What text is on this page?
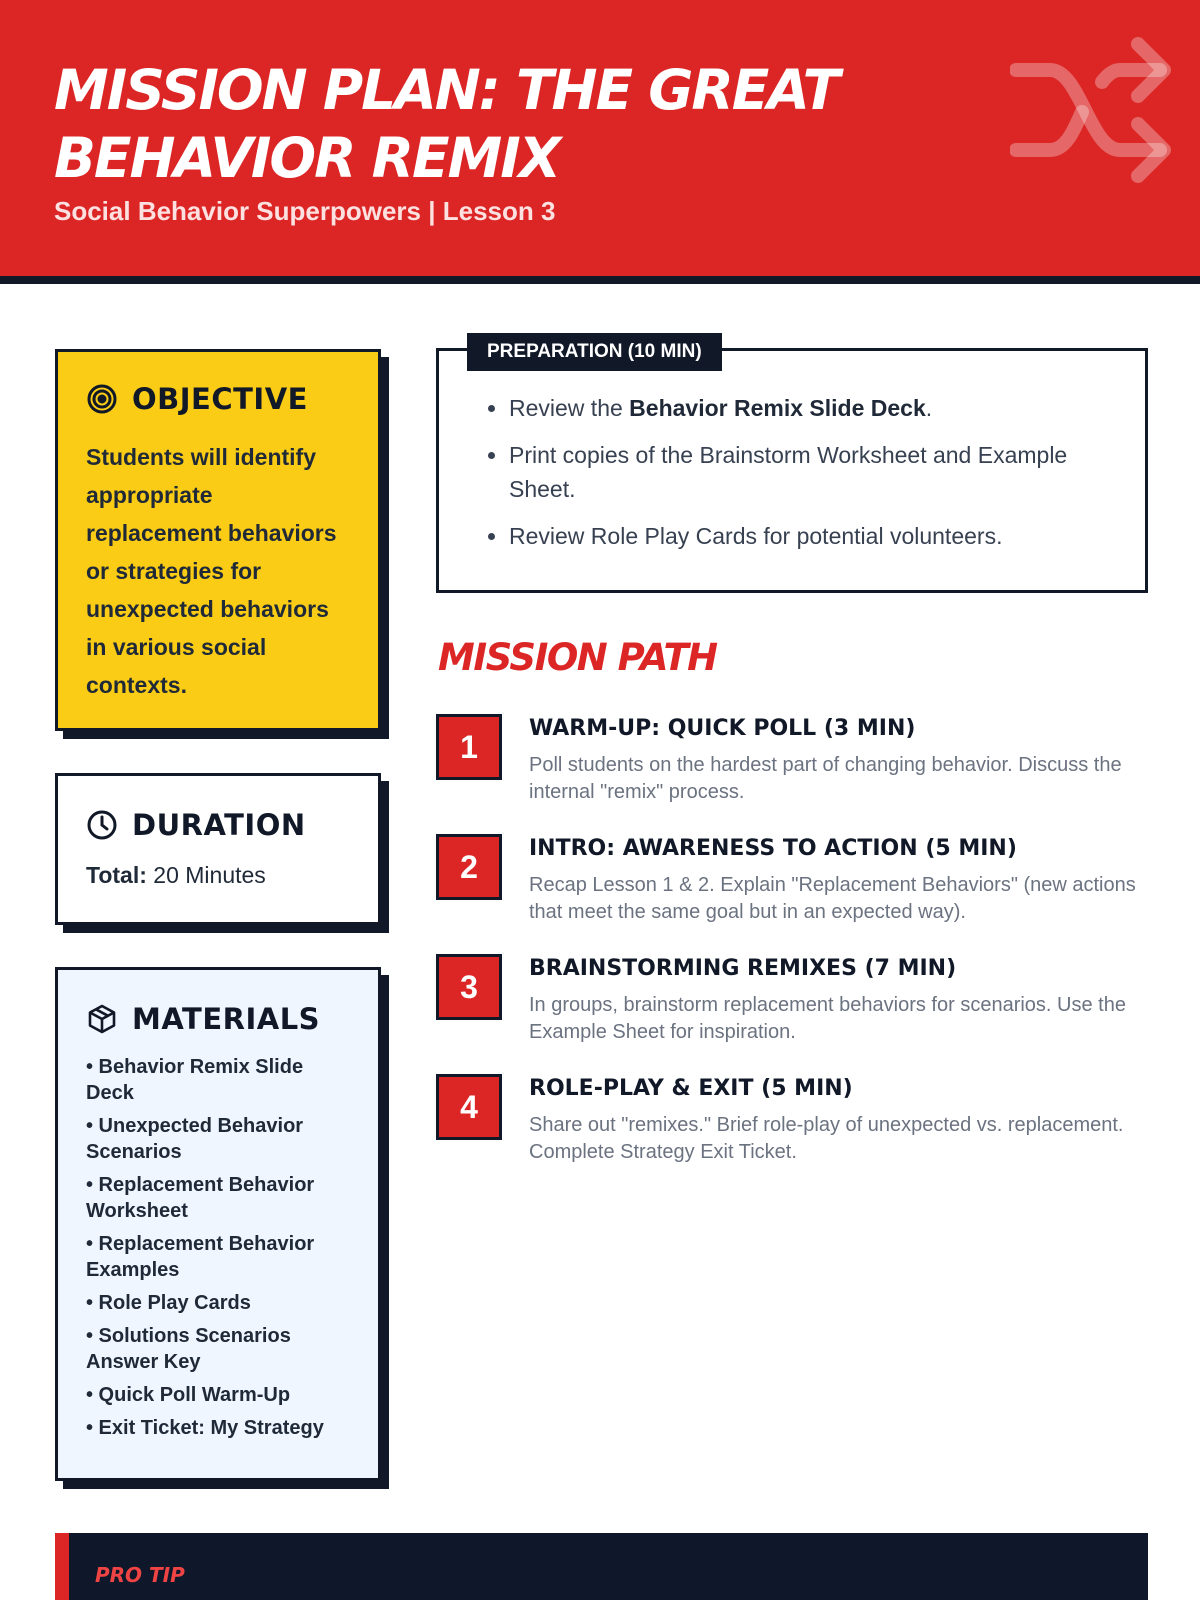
MISSION PLAN: THE GREAT BEHAVIOR REMIX
Social Behavior Superpowers | Lesson 3
OBJECTIVE
Students will identify appropriate replacement behaviors or strategies for unexpected behaviors in various social contexts.
DURATION
Total: 20 Minutes
MATERIALS
• Behavior Remix Slide Deck
• Unexpected Behavior Scenarios
• Replacement Behavior Worksheet
• Replacement Behavior Examples
• Role Play Cards
• Solutions Scenarios Answer Key
• Quick Poll Warm-Up
• Exit Ticket: My Strategy
PREPARATION (10 MIN)
• Review the Behavior Remix Slide Deck.
• Print copies of the Brainstorm Worksheet and Example Sheet.
• Review Role Play Cards for potential volunteers.
MISSION PATH
1
WARM-UP: QUICK POLL (3 MIN)
Poll students on the hardest part of changing behavior. Discuss the internal "remix" process.
2
INTRO: AWARENESS TO ACTION (5 MIN)
Recap Lesson 1 & 2. Explain "Replacement Behaviors" (new actions that meet the same goal but in an expected way).
3
BRAINSTORMING REMIXES (7 MIN)
In groups, brainstorm replacement behaviors for scenarios. Use the Example Sheet for inspiration.
4
ROLE-PLAY & EXIT (5 MIN)
Share out "remixes." Brief role-play of unexpected vs. replacement. Complete Strategy Exit Ticket.
PRO TIP
